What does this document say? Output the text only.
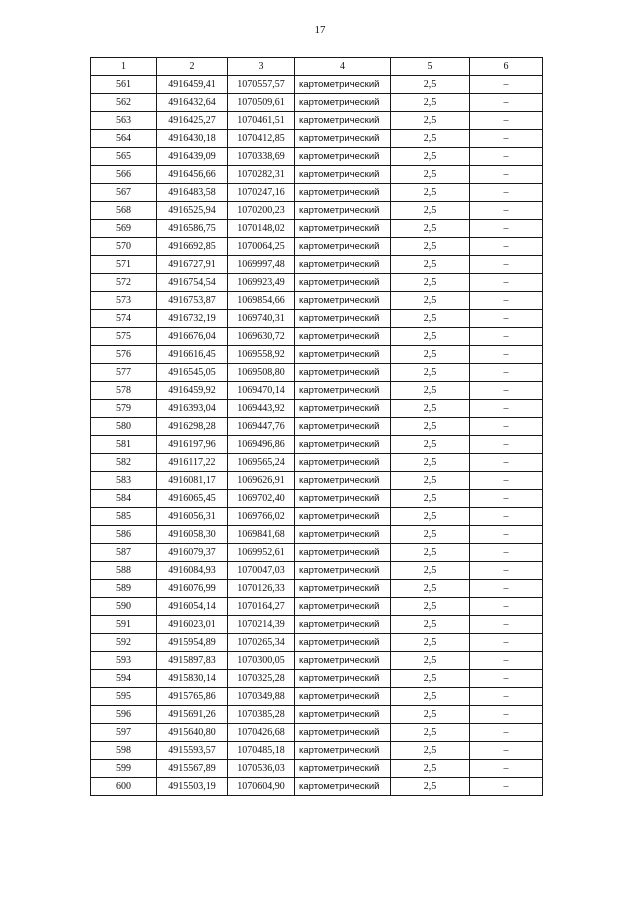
17
1	2	3	4	5	6
561	4916459,41	1070557,57	картометрический	2,5	–
562	4916432,64	1070509,61	картометрический	2,5	–
563	4916425,27	1070461,51	картометрический	2,5	–
564	4916430,18	1070412,85	картометрический	2,5	–
565	4916439,09	1070338,69	картометрический	2,5	–
566	4916456,66	1070282,31	картометрический	2,5	–
567	4916483,58	1070247,16	картометрический	2,5	–
568	4916525,94	1070200,23	картометрический	2,5	–
569	4916586,75	1070148,02	картометрический	2,5	–
570	4916692,85	1070064,25	картометрический	2,5	–
571	4916727,91	1069997,48	картометрический	2,5	–
572	4916754,54	1069923,49	картометрический	2,5	–
573	4916753,87	1069854,66	картометрический	2,5	–
574	4916732,19	1069740,31	картометрический	2,5	–
575	4916676,04	1069630,72	картометрический	2,5	–
576	4916616,45	1069558,92	картометрический	2,5	–
577	4916545,05	1069508,80	картометрический	2,5	–
578	4916459,92	1069470,14	картометрический	2,5	–
579	4916393,04	1069443,92	картометрический	2,5	–
580	4916298,28	1069447,76	картометрический	2,5	–
581	4916197,96	1069496,86	картометрический	2,5	–
582	4916117,22	1069565,24	картометрический	2,5	–
583	4916081,17	1069626,91	картометрический	2,5	–
584	4916065,45	1069702,40	картометрический	2,5	–
585	4916056,31	1069766,02	картометрический	2,5	–
586	4916058,30	1069841,68	картометрический	2,5	–
587	4916079,37	1069952,61	картометрический	2,5	–
588	4916084,93	1070047,03	картометрический	2,5	–
589	4916076,99	1070126,33	картометрический	2,5	–
590	4916054,14	1070164,27	картометрический	2,5	–
591	4916023,01	1070214,39	картометрический	2,5	–
592	4915954,89	1070265,34	картометрический	2,5	–
593	4915897,83	1070300,05	картометрический	2,5	–
594	4915830,14	1070325,28	картометрический	2,5	–
595	4915765,86	1070349,88	картометрический	2,5	–
596	4915691,26	1070385,28	картометрический	2,5	–
597	4915640,80	1070426,68	картометрический	2,5	–
598	4915593,57	1070485,18	картометрический	2,5	–
599	4915567,89	1070536,03	картометрический	2,5	–
600	4915503,19	1070604,90	картометрический	2,5	–
